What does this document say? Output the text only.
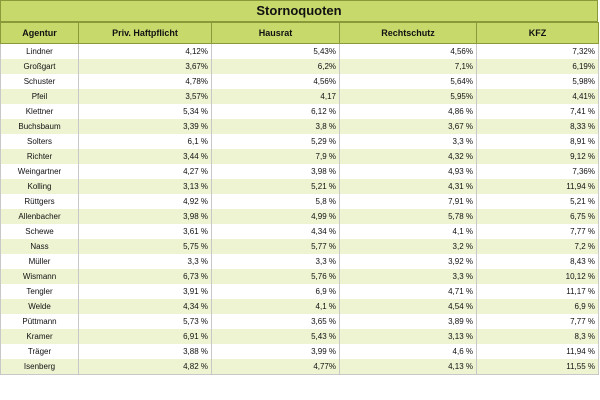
Stornoquoten
Agentur	Priv. Haftpflicht	Hausrat	Rechtschutz	KFZ
Lindner	4,12%	5,43%	4,56%	7,32%
Großgart	3,67%	6,2%	7,1%	6,19%
Schuster	4,78%	4,56%	5,64%	5,98%
Pfeil	3,57%	4,17	5,95%	4,41%
Klettner	5,34 %	6,12 %	4,86 %	7,41 %
Buchsbaum	3,39 %	3,8 %	3,67 %	8,33 %
Solters	6,1 %	5,29 %	3,3 %	8,91 %
Richter	3,44 %	7,9 %	4,32 %	9,12 %
Weingartner	4,27 %	3,98 %	4,93 %	7,36%
Kolling	3,13 %	5,21 %	4,31 %	11,94 %
Rüttgers	4,92 %	5,8 %	7,91 %	5,21 %
Allenbacher	3,98 %	4,99 %	5,78 %	6,75 %
Schewe	3,61 %	4,34 %	4,1 %	7,77 %
Nass	5,75 %	5,77 %	3,2 %	7,2 %
Müller	3,3 %	3,3 %	3,92 %	8,43 %
Wismann	6,73 %	5,76 %	3,3 %	10,12 %
Tengler	3,91 %	6,9 %	4,71 %	11,17 %
Welde	4,34 %	4,1 %	4,54 %	6,9 %
Püttmann	5,73 %	3,65 %	3,89 %	7,77 %
Kramer	6,91 %	5,43 %	3,13 %	8,3 %
Träger	3,88 %	3,99 %	4,6 %	11,94 %
Isenberg	4,82 %	4,77%	4,13 %	11,55 %
